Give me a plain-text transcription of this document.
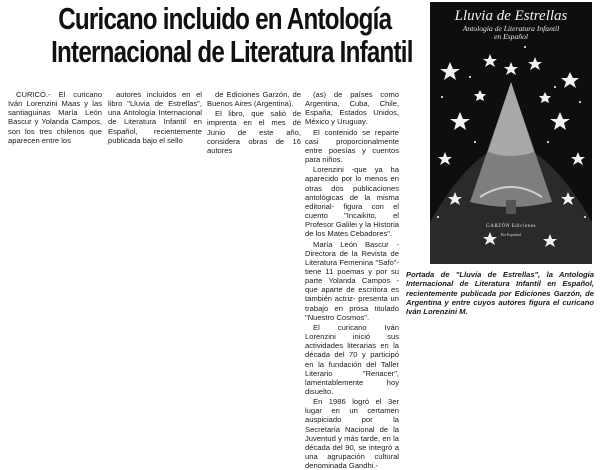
Curicano incluido en Antología
Internacional de Literatura Infantil

CURICÓ.- El curicano Iván Lorenzini Maas y las santiaguinas María León Bascur y Yolanda Campos, son los tres chilenos que aparecen entre los

autores incluidos en el libro "Lluvia de Estrellas", una Antología Internacional de Literatura Infantil en Español, recientemente publicada bajo el sello

de Ediciones Garzón, de Buenos Aires (Argentina).

El libro, que salió de imprenta en el mes de Junio de este año, considera obras de 16 autores

(as) de países como Argentina, Cuba, Chile, España, Estados Unidos, México y Uruguay.

El contenido se reparte casi proporcionalmente entre poesías y cuentos para niños.

Lorenzini -que ya ha aparecido por lo menos en otras dos publicaciones antológicas de la misma editorial- figura con el cuento "Incaikito, el Profesor Galilei y la Historia de los Mates Cebadores".

María León Bascur - Directora de la Revista de Literatura Femenina "Safo"- tiene 11 poemas y por su parte Yolanda Campos -que aparte de escritora es también actriz- presenta un trabajo en prosa titulado "Nuestro Cosmos".

El curicano Iván Lorenzini inició sus actividades literarias en la década del 70 y participó en la fundación del Taller Literario "Renacer", lamentablemente hoy disuelto.

En 1986 logró el 3er lugar en un certamen auspiciado por la Secretaría Nacional de la Juventud y más tarde, en la década del 90, se integró a una agrupación cultural denominada Gandhi.-

Lluvia de Estrellas
Antología de Literatura Infantil
en Español
GARZÓN Ediciones
En Español
Portada de "Lluvia de Estrellas", la Antología Internacional de Literatura Infantil en Español, recientemente publicada por Ediciones Garzón, de Argentina y entre cuyos autores figura el curicano Iván Lorenzini M.
